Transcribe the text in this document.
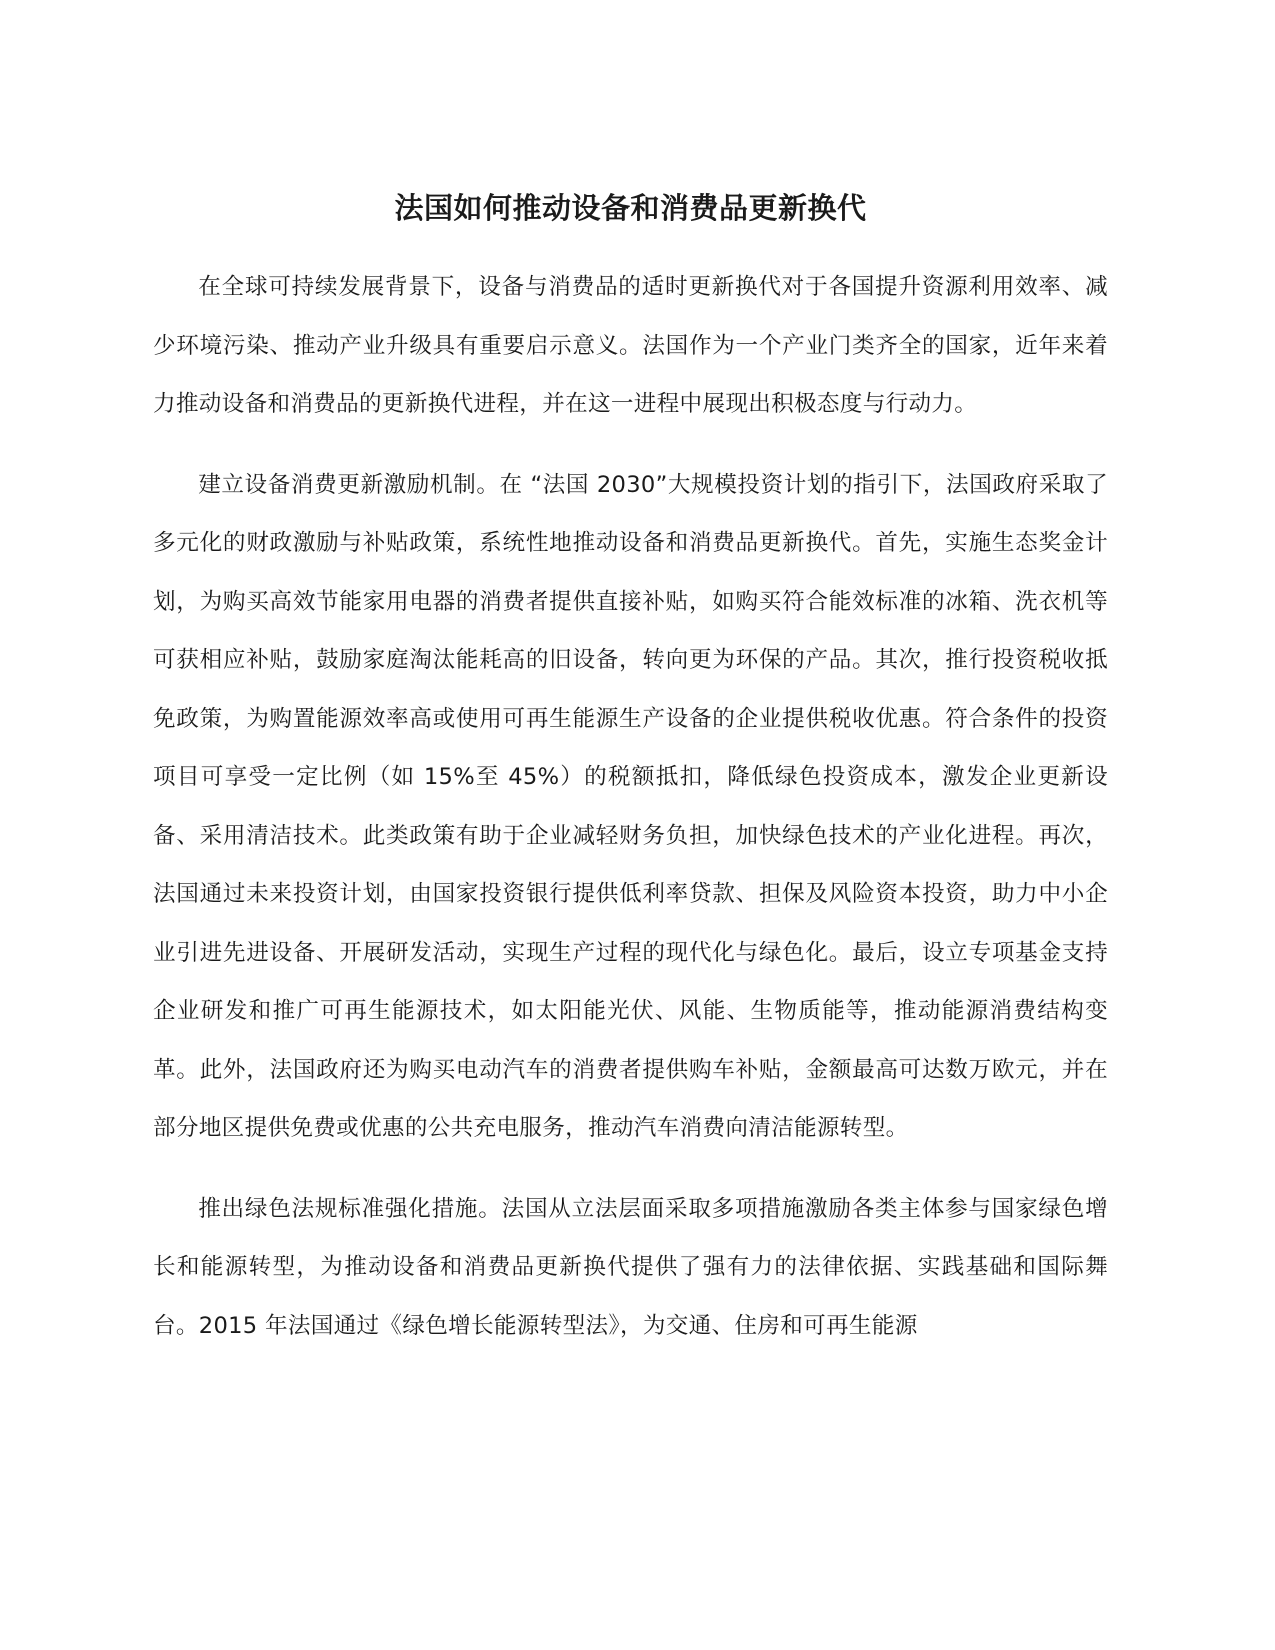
法国如何推动设备和消费品更新换代

在全球可持续发展背景下，设备与消费品的适时更新换代对于各国提升资源利用效率、减少环境污染、推动产业升级具有重要启示意义。法国作为一个产业门类齐全的国家，近年来着力推动设备和消费品的更新换代进程，并在这一进程中展现出积极态度与行动力。

建立设备消费更新激励机制。在 “法国 2030”大规模投资计划的指引下，法国政府采取了多元化的财政激励与补贴政策，系统性地推动设备和消费品更新换代。首先，实施生态奖金计划，为购买高效节能家用电器的消费者提供直接补贴，如购买符合能效标准的冰箱、洗衣机等可获相应补贴，鼓励家庭淘汰能耗高的旧设备，转向更为环保的产品。其次，推行投资税收抵免政策，为购置能源效率高或使用可再生能源生产设备的企业提供税收优惠。符合条件的投资项目可享受一定比例（如 15%至 45%）的税额抵扣，降低绿色投资成本，激发企业更新设备、采用清洁技术。此类政策有助于企业减轻财务负担，加快绿色技术的产业化进程。再次，法国通过未来投资计划，由国家投资银行提供低利率贷款、担保及风险资本投资，助力中小企业引进先进设备、开展研发活动，实现生产过程的现代化与绿色化。最后，设立专项基金支持企业研发和推广可再生能源技术，如太阳能光伏、风能、生物质能等，推动能源消费结构变革。此外，法国政府还为购买电动汽车的消费者提供购车补贴，金额最高可达数万欧元，并在部分地区提供免费或优惠的公共充电服务，推动汽车消费向清洁能源转型。

推出绿色法规标准强化措施。法国从立法层面采取多项措施激励各类主体参与国家绿色增长和能源转型，为推动设备和消费品更新换代提供了强有力的法律依据、实践基础和国际舞台。2015 年法国通过《绿色增长能源转型法》，为交通、住房和可再生能源
